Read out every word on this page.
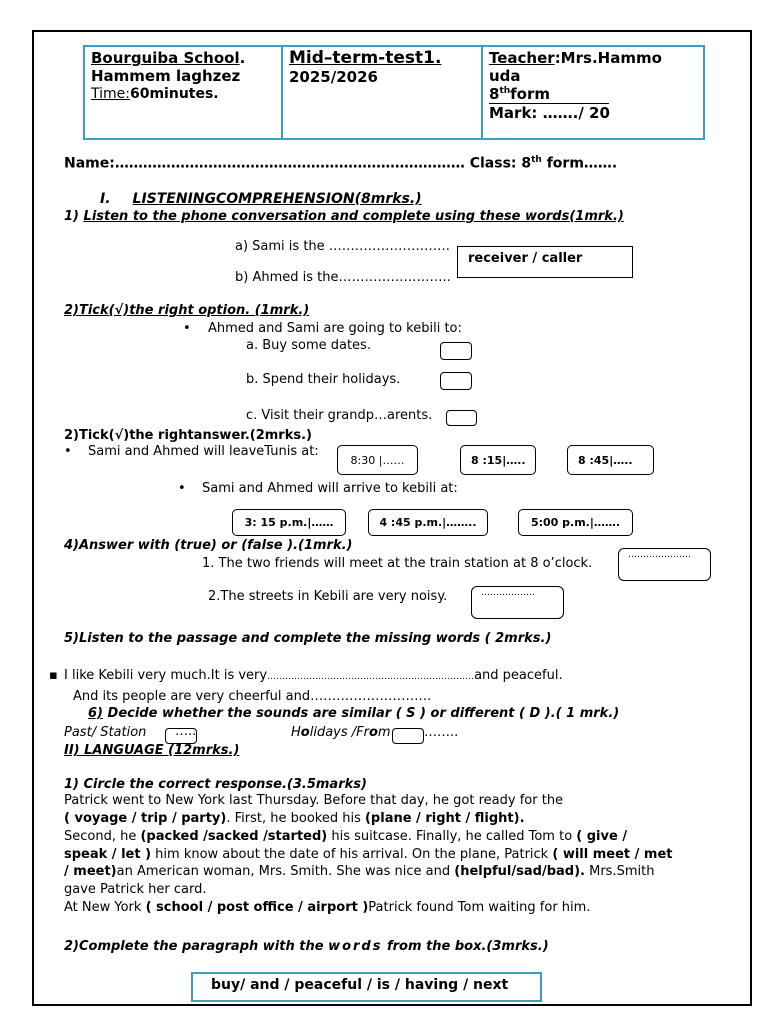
Bourguiba School.
Hammem laghzez
Time:60minutes.
Mid–term-test1.
2025/2026
Teacher:Mrs.Hammo
uda
8thform
Mark: ……./ 20
Name:………………………………………………………………… Class: 8th form…….
I. LISTENINGCOMPREHENSION(8mrks.)
1) Listen to the phone conversation and complete using these words(1mrk.)
a) Sami is the ……………………….
receiver / caller
b) Ahmed is the……………………..
2)Tick(√)the right option. (1mrk.)
• Ahmed and Sami are going to kebili to:
a. Buy some dates.
b. Spend their holidays.
c. Visit their grandp…arents.
2)Tick(√)the rightanswer.(2mrks.)
• Sami and Ahmed will leaveTunis at:
8:30 |……	8 :15|…..	8 :45|…..
• Sami and Ahmed will arrive to kebili at:
3: 15 p.m.|……	4 :45 p.m.|……..	5:00 p.m.|…….
4)Answer with (true) or (false ).(1mrk.)
1. The two friends will meet at the train station at 8 o’clock.
…………………
2.The streets in Kebili are very noisy.	………………
5)Listen to the passage and complete the missing words ( 2mrks.)
▪ I like Kebili very much.It is very……………………………………………………………and peaceful.
And its people are very cheerful and……………………….
6) Decide whether the sounds are similar ( S ) or different ( D ).( 1 mrk.)
Past/ Station …..	Holidays /From	……..
II) LANGUAGE (12mrks.)
1) Circle the correct response.(3.5marks)
Patrick went to New York last Thursday. Before that day, he got ready for the
( voyage / trip / party). First, he booked his (plane / right / flight).
Second, he (packed /sacked /started) his suitcase. Finally, he called Tom to ( give /
speak / let ) him know about the date of his arrival. On the plane, Patrick ( will meet / met
/ meet)an American woman, Mrs. Smith. She was nice and (helpful/sad/bad). Mrs.Smith
gave Patrick her card.
At New York ( school / post office / airport )Patrick found Tom waiting for him.
2)Complete the paragraph with the words from the box.(3mrks.)
buy/ and / peaceful / is / having / next
